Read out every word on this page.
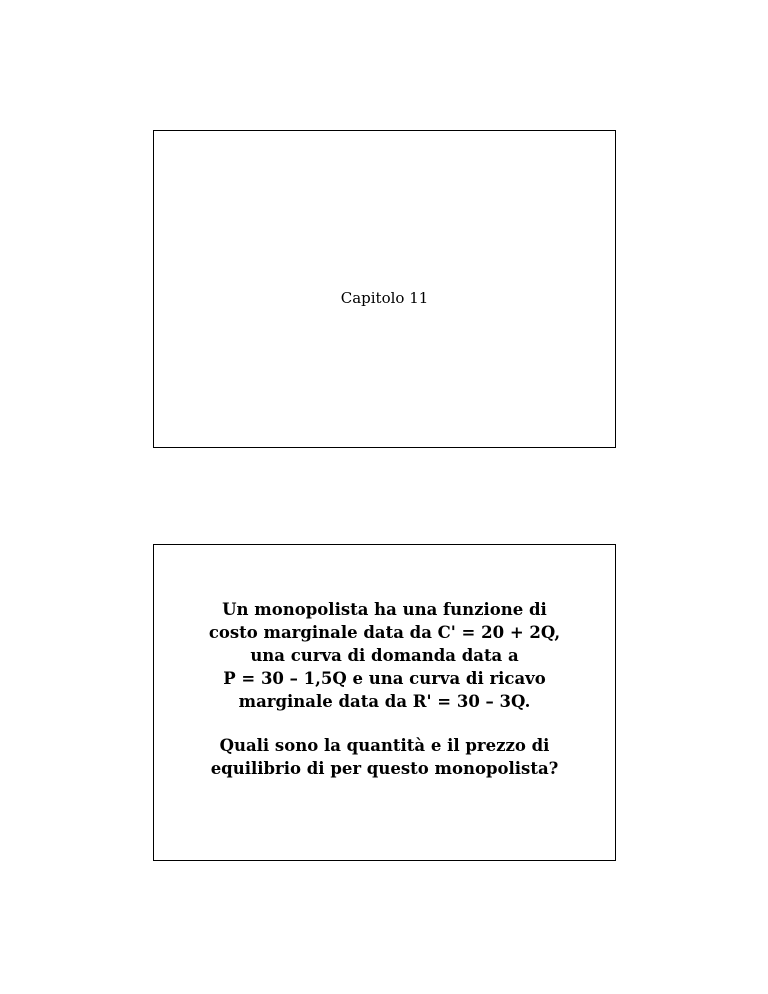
Capitolo 11

Un monopolista ha una funzione di
costo marginale data da C' = 20 + 2Q,
una curva di domanda data a
P = 30 – 1,5Q e una curva di ricavo
marginale data da R' = 30 – 3Q.

Quali sono la quantità e il prezzo di
equilibrio di per questo monopolista?
